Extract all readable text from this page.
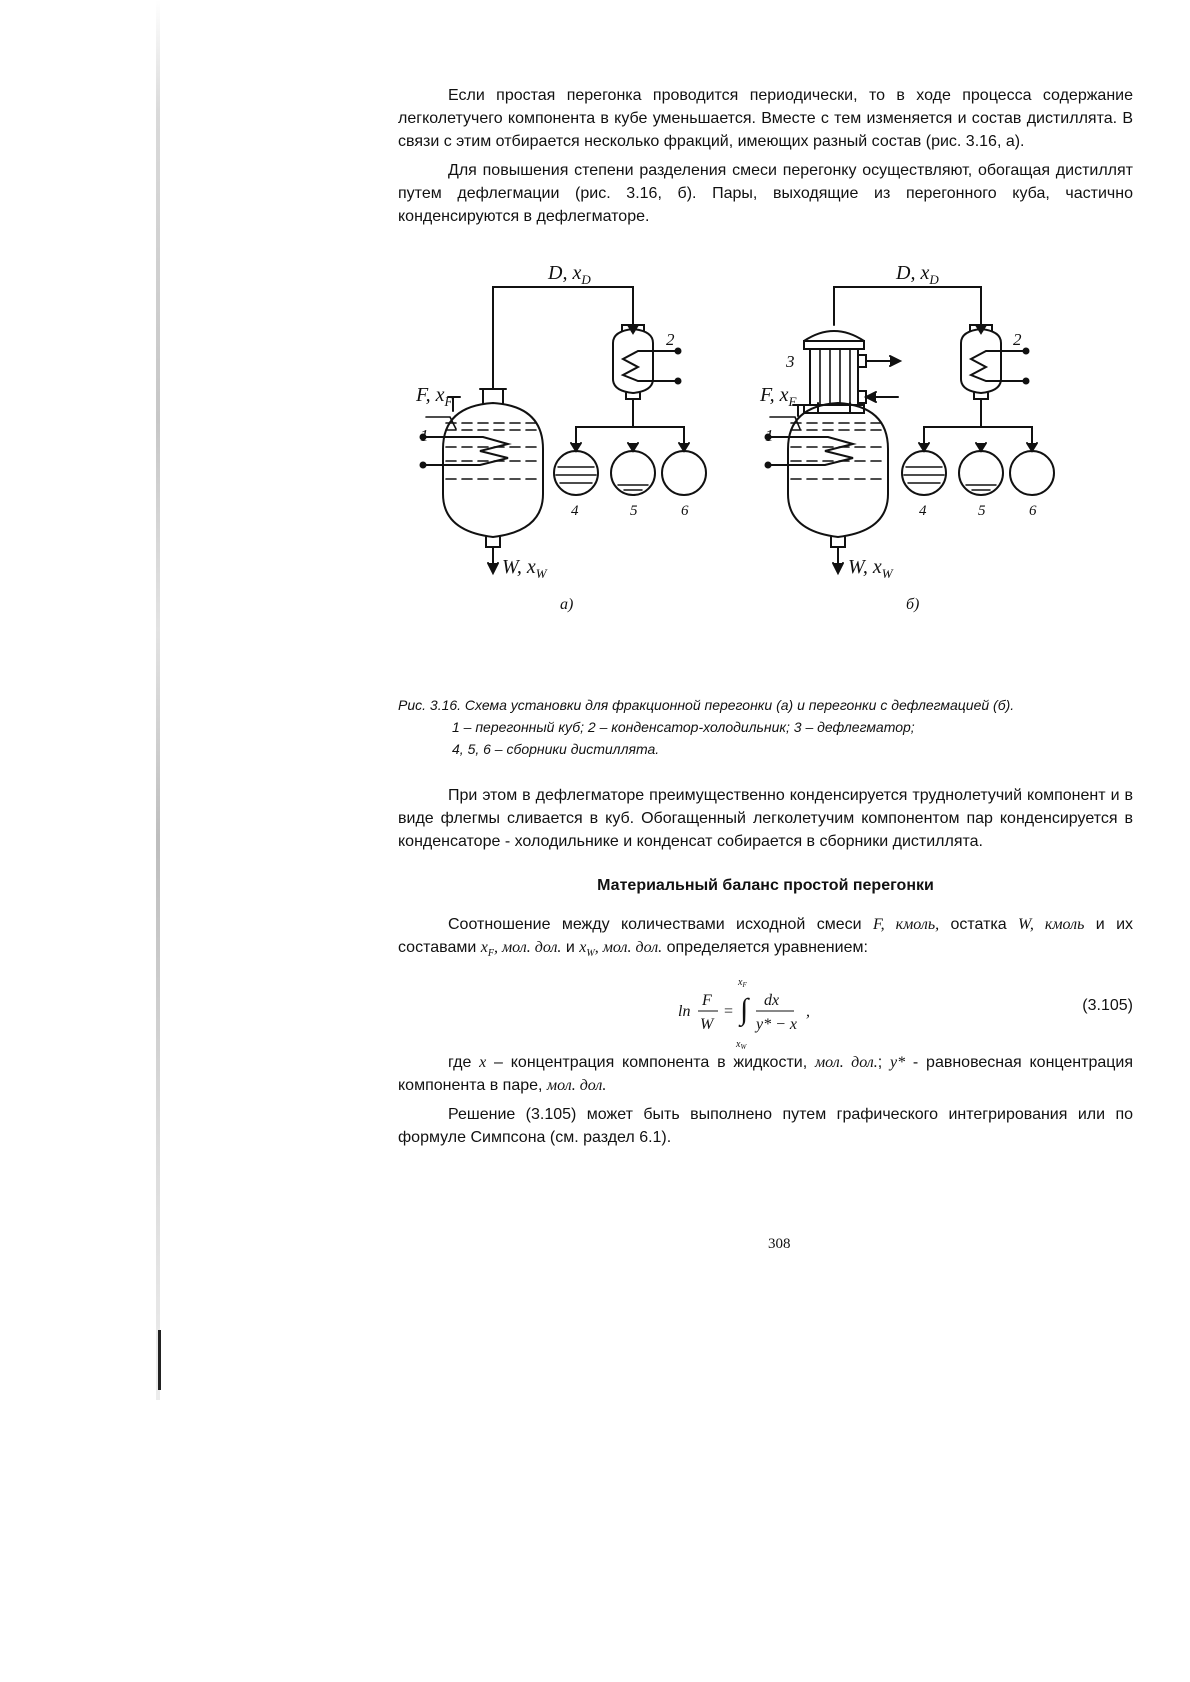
Если простая перегонка проводится периодически, то в ходе процесса содержание легколетучего компонента в кубе уменьшается. Вместе с тем изменяется и состав дистиллята. В связи с этим отбирается несколько фракций, имеющих разный состав (рис. 3.16, а).

Для повышения степени разделения смеси перегонку осуществляют, обогащая дистиллят путем дефлегмации (рис. 3.16, б). Пары, выходящие из перегонного куба, частично конденсируются в дефлегматоре.

D, $x_D$
F, $x_F$
W, $x_W$
1
2
4	5	6
D, $x_D$
F, $x_F$
W, $x_W$
1
2
3
4	5	6
а)	б)
Рис. 3.16. Схема установки для фракционной перегонки (а) и перегонки с дефлегмацией (б).
1 – перегонный куб; 2 – конденсатор-холодильник; 3 – дефлегматор;
4, 5, 6 – сборники дистиллята.

При этом в дефлегматоре преимущественно конденсируется труднолетучий компонент и в виде флегмы сливается в куб. Обогащенный легколетучим компонентом пар конденсируется в конденсаторе - холодильнике и конденсат собирается в сборники дистиллята.

Материальный баланс простой перегонки

Соотношение между количествами исходной смеси F, кмоль, остатка W, кмоль и их составами $x_F$, мол. дол. и $x_W$, мол. дол. определяется уравнением:

ln
F
W
=
$x_F$
∫
$x_W$
dx
y* − x
,	(3.105)

где x – концентрация компонента в жидкости, мол. дол.; y* - равновесная концентрация компонента в паре, мол. дол.

Решение (3.105) может быть выполнено путем графического интегрирования или по формуле Симпсона (см. раздел 6.1).

308
